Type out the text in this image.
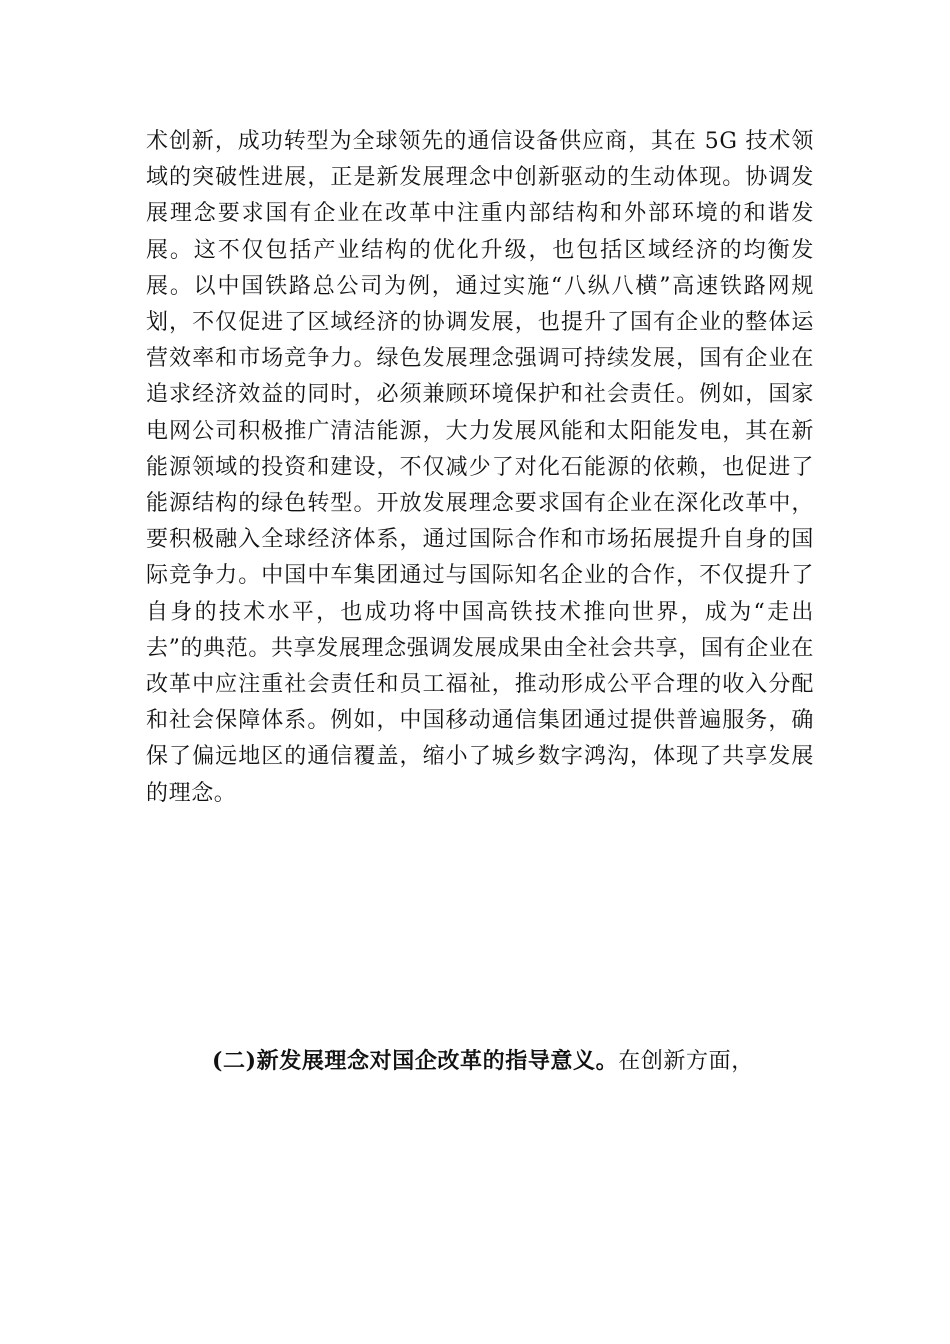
术创新，成功转型为全球领先的通信设备供应商，其在 5G 技术领域的突破性进展，正是新发展理念中创新驱动的生动体现。协调发展理念要求国有企业在改革中注重内部结构和外部环境的和谐发展。这不仅包括产业结构的优化升级，也包括区域经济的均衡发展。以中国铁路总公司为例，通过实施“八纵八横”高速铁路网规划，不仅促进了区域经济的协调发展，也提升了国有企业的整体运营效率和市场竞争力。绿色发展理念强调可持续发展，国有企业在追求经济效益的同时，必须兼顾环境保护和社会责任。例如，国家电网公司积极推广清洁能源，大力发展风能和太阳能发电，其在新能源领域的投资和建设，不仅减少了对化石能源的依赖，也促进了能源结构的绿色转型。开放发展理念要求国有企业在深化改革中，要积极融入全球经济体系，通过国际合作和市场拓展提升自身的国际竞争力。中国中车集团通过与国际知名企业的合作，不仅提升了自身的技术水平，也成功将中国高铁技术推向世界，成为“走出去”的典范。共享发展理念强调发展成果由全社会共享，国有企业在改革中应注重社会责任和员工福祉，推动形成公平合理的收入分配和社会保障体系。例如，中国移动通信集团通过提供普遍服务，确保了偏远地区的通信覆盖，缩小了城乡数字鸿沟，体现了共享发展的理念。

(二)新发展理念对国企改革的指导意义。在创新方面，
